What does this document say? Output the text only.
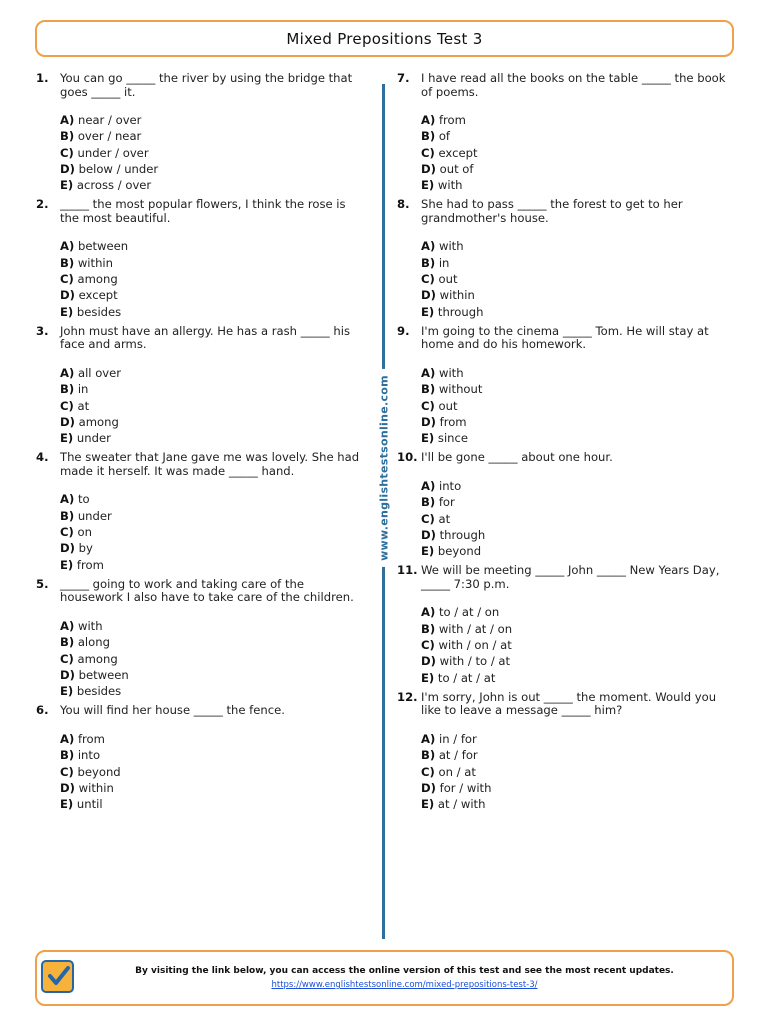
Mixed Prepositions Test 3
1. You can go _____ the river by using the bridge that goes _____ it.
A) near / over
B) over / near
C) under / over
D) below / under
E) across / over
2. _____ the most popular flowers, I think the rose is the most beautiful.
A) between
B) within
C) among
D) except
E) besides
3. John must have an allergy. He has a rash _____ his face and arms.
A) all over
B) in
C) at
D) among
E) under
4. The sweater that Jane gave me was lovely. She had made it herself. It was made _____ hand.
A) to
B) under
C) on
D) by
E) from
5. _____ going to work and taking care of the housework I also have to take care of the children.
A) with
B) along
C) among
D) between
E) besides
6. You will find her house _____ the fence.
A) from
B) into
C) beyond
D) within
E) until
www.englishtestsonline.com
7. I have read all the books on the table _____ the book of poems.
A) from
B) of
C) except
D) out of
E) with
8. She had to pass _____ the forest to get to her grandmother's house.
A) with
B) in
C) out
D) within
E) through
9. I'm going to the cinema _____ Tom. He will stay at home and do his homework.
A) with
B) without
C) out
D) from
E) since
10. I'll be gone _____ about one hour.
A) into
B) for
C) at
D) through
E) beyond
11. We will be meeting _____ John _____ New Years Day, _____ 7:30 p.m.
A) to / at / on
B) with / at / on
C) with / on / at
D) with / to / at
E) to / at / at
12. I'm sorry, John is out _____ the moment. Would you like to leave a message _____ him?
A) in / for
B) at / for
C) on / at
D) for / with
E) at / with
By visiting the link below, you can access the online version of this test and see the most recent updates.
https://www.englishtestsonline.com/mixed-prepositions-test-3/
